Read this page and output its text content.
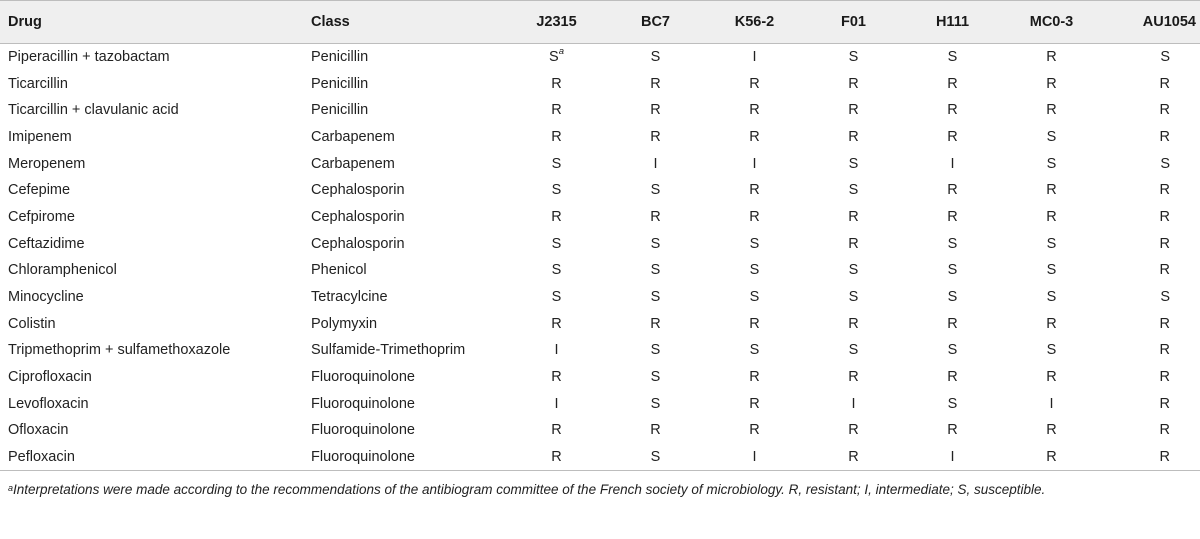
Drug	Class	J2315	BC7	K56-2	F01	H111	MC0-3	AU1054
Piperacillin + tazobactam	Penicillin	S$^a$	S	I	S	S	R	S
Ticarcillin	Penicillin	R	R	R	R	R	R	R
Ticarcillin + clavulanic acid	Penicillin	R	R	R	R	R	R	R
Imipenem	Carbapenem	R	R	R	R	R	S	R
Meropenem	Carbapenem	S	I	I	S	I	S	S
Cefepime	Cephalosporin	S	S	R	S	R	R	R
Cefpirome	Cephalosporin	R	R	R	R	R	R	R
Ceftazidime	Cephalosporin	S	S	S	R	S	S	R
Chloramphenicol	Phenicol	S	S	S	S	S	S	R
Minocycline	Tetracylcine	S	S	S	S	S	S	S
Colistin	Polymyxin	R	R	R	R	R	R	R
Tripmethoprim + sulfamethoxazole	Sulfamide-Trimethoprim	I	S	S	S	S	S	R
Ciprofloxacin	Fluoroquinolone	R	S	R	R	R	R	R
Levofloxacin	Fluoroquinolone	I	S	R	I	S	I	R
Ofloxacin	Fluoroquinolone	R	R	R	R	R	R	R
Pefloxacin	Fluoroquinolone	R	S	I	R	I	R	R
$^a$Interpretations were made according to the recommendations of the antibiogram committee of the French society of microbiology. R, resistant; I, intermediate; S, susceptible.
